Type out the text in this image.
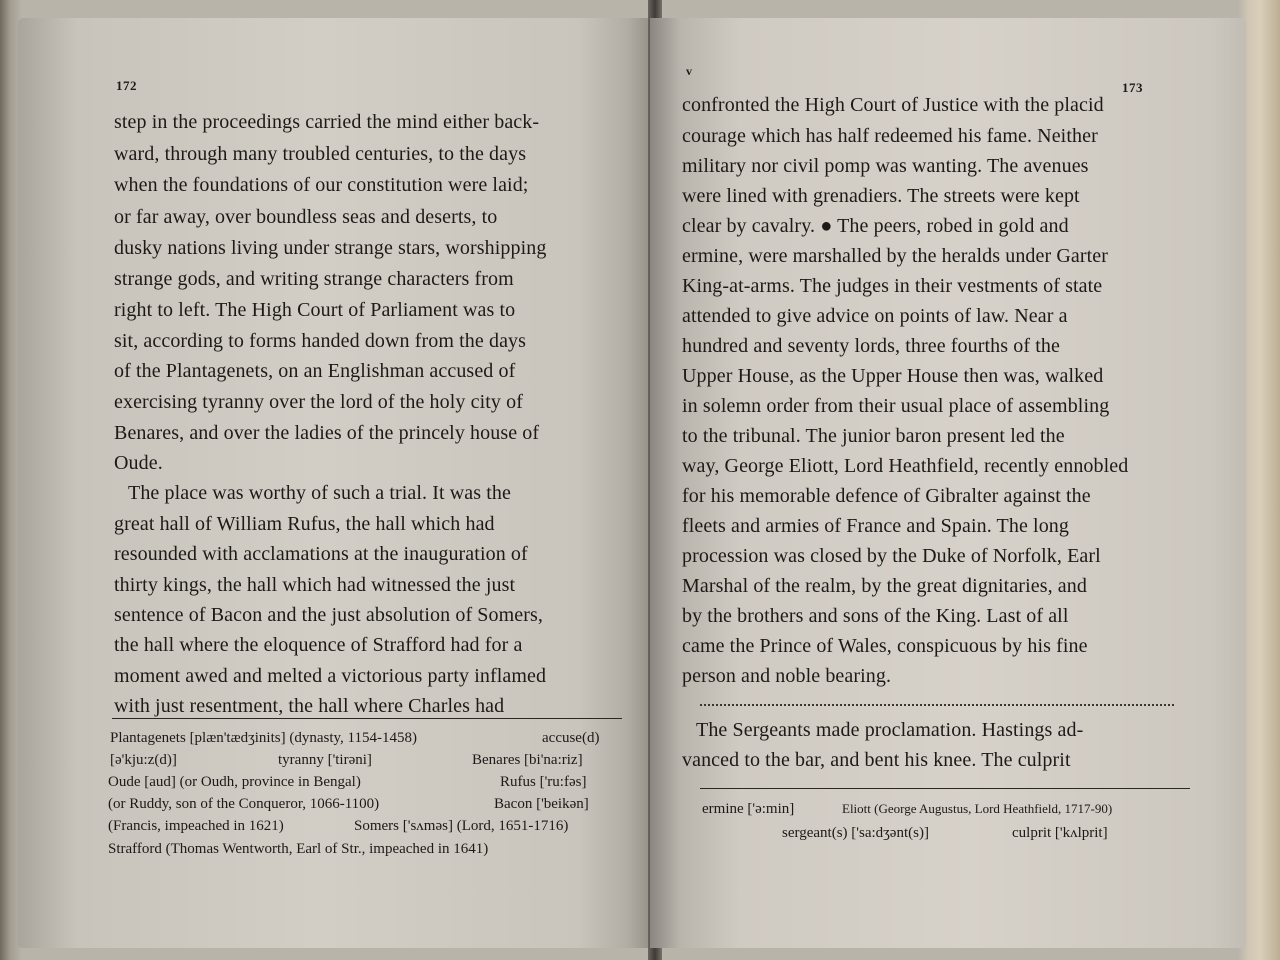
172
step in the proceedings carried the mind either back-
ward, through many troubled centuries, to the days
when the foundations of our constitution were laid;
or far away, over boundless seas and deserts, to
dusky nations living under strange stars, worshipping
strange gods, and writing strange characters from
right to left. The High Court of Parliament was to
sit, according to forms handed down from the days
of the Plantagenets, on an Englishman accused of
exercising tyranny over the lord of the holy city of
Benares, and over the ladies of the princely house of
Oude.
The place was worthy of such a trial. It was the
great hall of William Rufus, the hall which had
resounded with acclamations at the inauguration of
thirty kings, the hall which had witnessed the just
sentence of Bacon and the just absolution of Somers,
the hall where the eloquence of Strafford had for a
moment awed and melted a victorious party inflamed
with just resentment, the hall where Charles had
Plantagenets [plæn'tædʒinits] (dynasty, 1154-1458)	accuse(d)
[ə'kju:z(d)]	tyranny ['tirəni]	Benares [bi'na:riz]
Oude [aud] (or Oudh, province in Bengal)	Rufus ['ru:fəs]
(or Ruddy, son of the Conqueror, 1066-1100)	Bacon ['beikən]
(Francis, impeached in 1621)	Somers ['sʌməs] (Lord, 1651-1716)
Strafford (Thomas Wentworth, Earl of Str., impeached in 1641)
v
173
confronted the High Court of Justice with the placid
courage which has half redeemed his fame. Neither
military nor civil pomp was wanting. The avenues
were lined with grenadiers. The streets were kept
clear by cavalry. ● The peers, robed in gold and
ermine, were marshalled by the heralds under Garter
King-at-arms. The judges in their vestments of state
attended to give advice on points of law. Near a
hundred and seventy lords, three fourths of the
Upper House, as the Upper House then was, walked
in solemn order from their usual place of assembling
to the tribunal. The junior baron present led the
way, George Eliott, Lord Heathfield, recently ennobled
for his memorable defence of Gibralter against the
fleets and armies of France and Spain. The long
procession was closed by the Duke of Norfolk, Earl
Marshal of the realm, by the great dignitaries, and
by the brothers and sons of the King. Last of all
came the Prince of Wales, conspicuous by his fine
person and noble bearing.
The Sergeants made proclamation. Hastings ad-
vanced to the bar, and bent his knee. The culprit
ermine ['ə:min]	Eliott (George Augustus, Lord Heathfield, 1717-90)
sergeant(s) ['sa:dʒənt(s)]	culprit ['kʌlprit]
